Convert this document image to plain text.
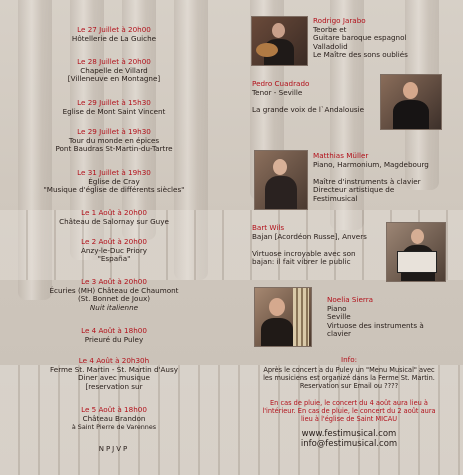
Le 27 Juillet à 20h00
Hôtellerie de La Guiche
Le 28 Juillet à 20h00
Chapelle de Villard
[Villeneuve en Montagne]
Le 29 Juillet à 15h30
Eglise de Mont Saint Vincent
Le 29 Juillet à 19h30
Tour du monde en épices
Pont Baudras St-Martin-du-Tartre
Le 31 Juillet à 19h30
Église de Cray
"Musique d'église de différents siècles"
Le 1 Août à 20h00
Château de Salornay sur Guye
Le 2 Août à 20h00
Anzy-le-Duc Priory
"España"
Le 3 Août à 20h00
Écuries (MH) Château de Chaumont
(St. Bonnet de Joux)
Nuit italienne
Le 4 Août à 18h00
Prieuré du Puley
Le 4 Août à 20h30h
Ferme St. Martin - St. Martin d'Ausy
Diner avec musique
[reservation sur
Le 5 Août à 18h00
Château Brandon
à Saint Pierre de Varennes
NPJVP
Rodrigo Jarabo
Teorbe et
Guitare baroque espagnol
Valladolid
Le Maître des sons oubliés
Pedro Cuadrado
Tenor - Seville

La grande voix de l`Andalousie
Matthias Müller
Piano, Harmonium, Magdebourg

Maître d'instruments à clavier
Directeur artistique de
Festimusical
Bart Wils
Bajan [Acordéon Russe], Anvers

Virtuose incroyable avec son
bajan: il fait vibrer le public
Noelia Sierra
Piano
Seville
Virtuose des instruments à
clavier
Info:
Après le concert a du Puley un "Menu Musical" avec
les musiciens est organizé dans la Ferme St. Martin.
Reservation sur Email ou ????
En cas de pluie, le concert du 4 août aura lieu à
l'intérieur. En cas de pluie, le concert du 2 août aura
lieu à l'église de Saint MICAU
www.festimusical.com
info@festimusical.com
